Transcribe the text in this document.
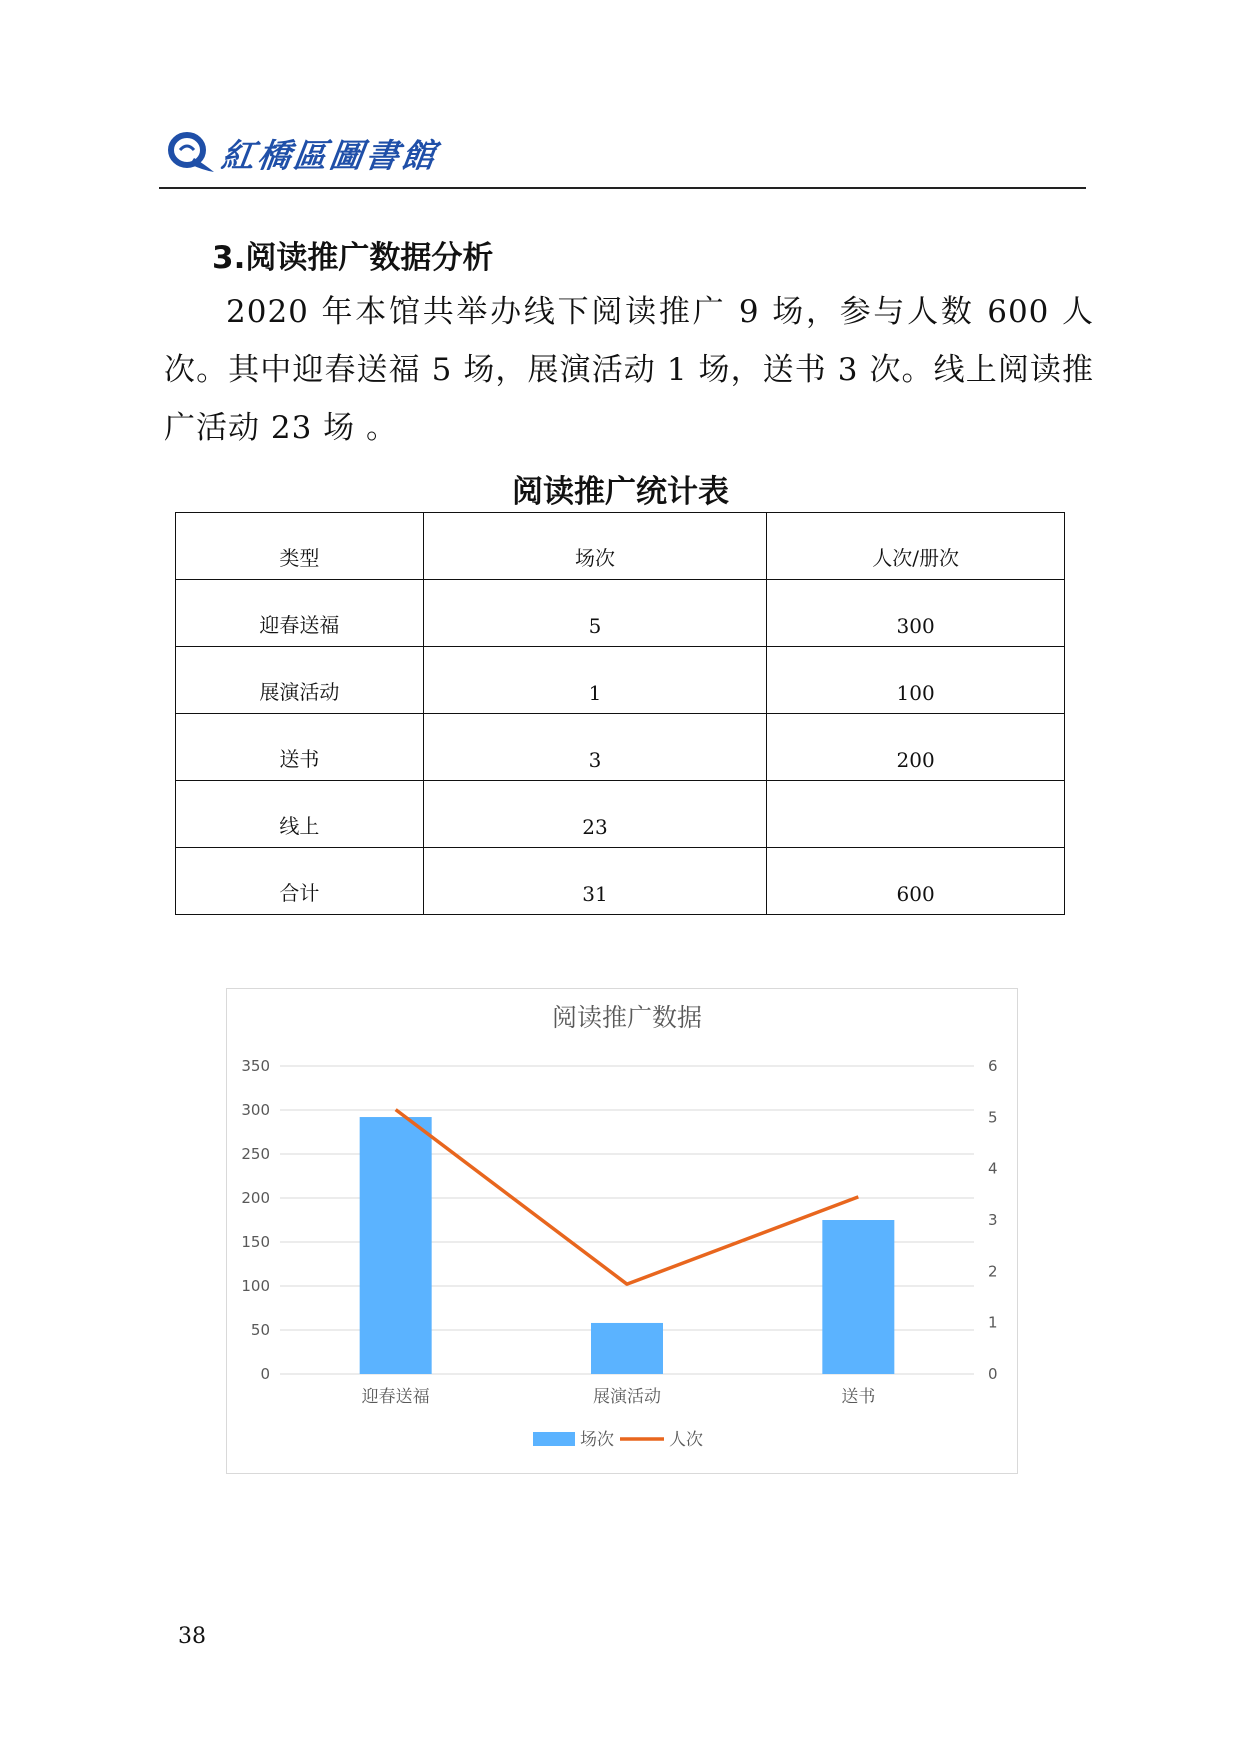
紅橋區圖書館
3.阅读推广数据分析

2020 年本馆共举办线下阅读推广 9 场，参与人数 600 人次。其中迎春送福 5 场，展演活动 1 场，送书 3 次。线上阅读推广活动 23 场 。

阅读推广统计表
类型	场次	人次/册次
迎春送福	5	300
展演活动	1	100
送书	3	200
线上	23	
合计	31	600
阅读推广数据
0
50
100
150
200
250
300
350
0
1
2
3
4
5
6
迎春送福	展演活动	送书
场次	人次
38
